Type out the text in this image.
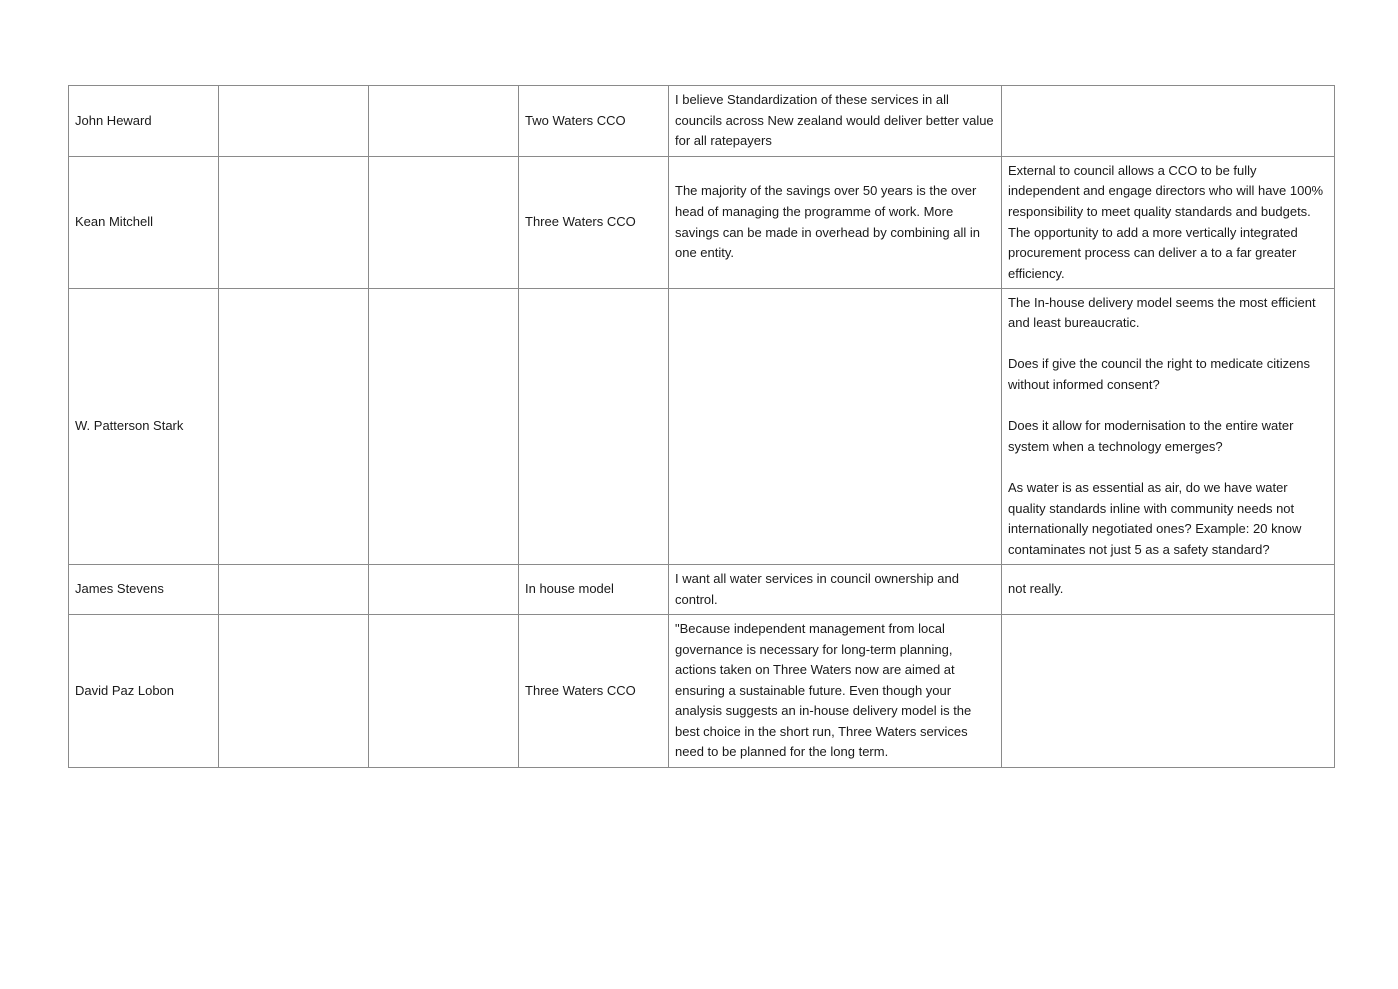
John Heward			Two Waters CCO	I believe Standardization of these services in all councils across New zealand would deliver better value for all ratepayers	
Kean Mitchell			Three Waters CCO	The majority of the savings over 50 years is the over head of managing the programme of work. More savings can be made in overhead by combining all in one entity.	External to council allows a CCO to be fully independent and engage directors who will have 100% responsibility to meet quality standards and budgets. The opportunity to add a more vertically integrated procurement process can deliver a to a far greater efficiency.

W. Patterson Stark					The In-house delivery model seems the most efficient and least bureaucratic.
Does if give the council the right to medicate citizens without informed consent?
Does it allow for modernisation to the entire water system when a technology emerges?
As water is as essential as air, do we have water quality standards inline with community needs not internationally negotiated ones? Example: 20 know contaminates not just 5 as a safety standard?

James Stevens			In house model	I want all water services in council ownership and control.	not really.

David Paz Lobon			Three Waters CCO	"Because independent management from local governance is necessary for long-term planning, actions taken on Three Waters now are aimed at ensuring a sustainable future. Even though your analysis suggests an in-house delivery model is the best choice in the short run, Three Waters services need to be planned for the long term.	
